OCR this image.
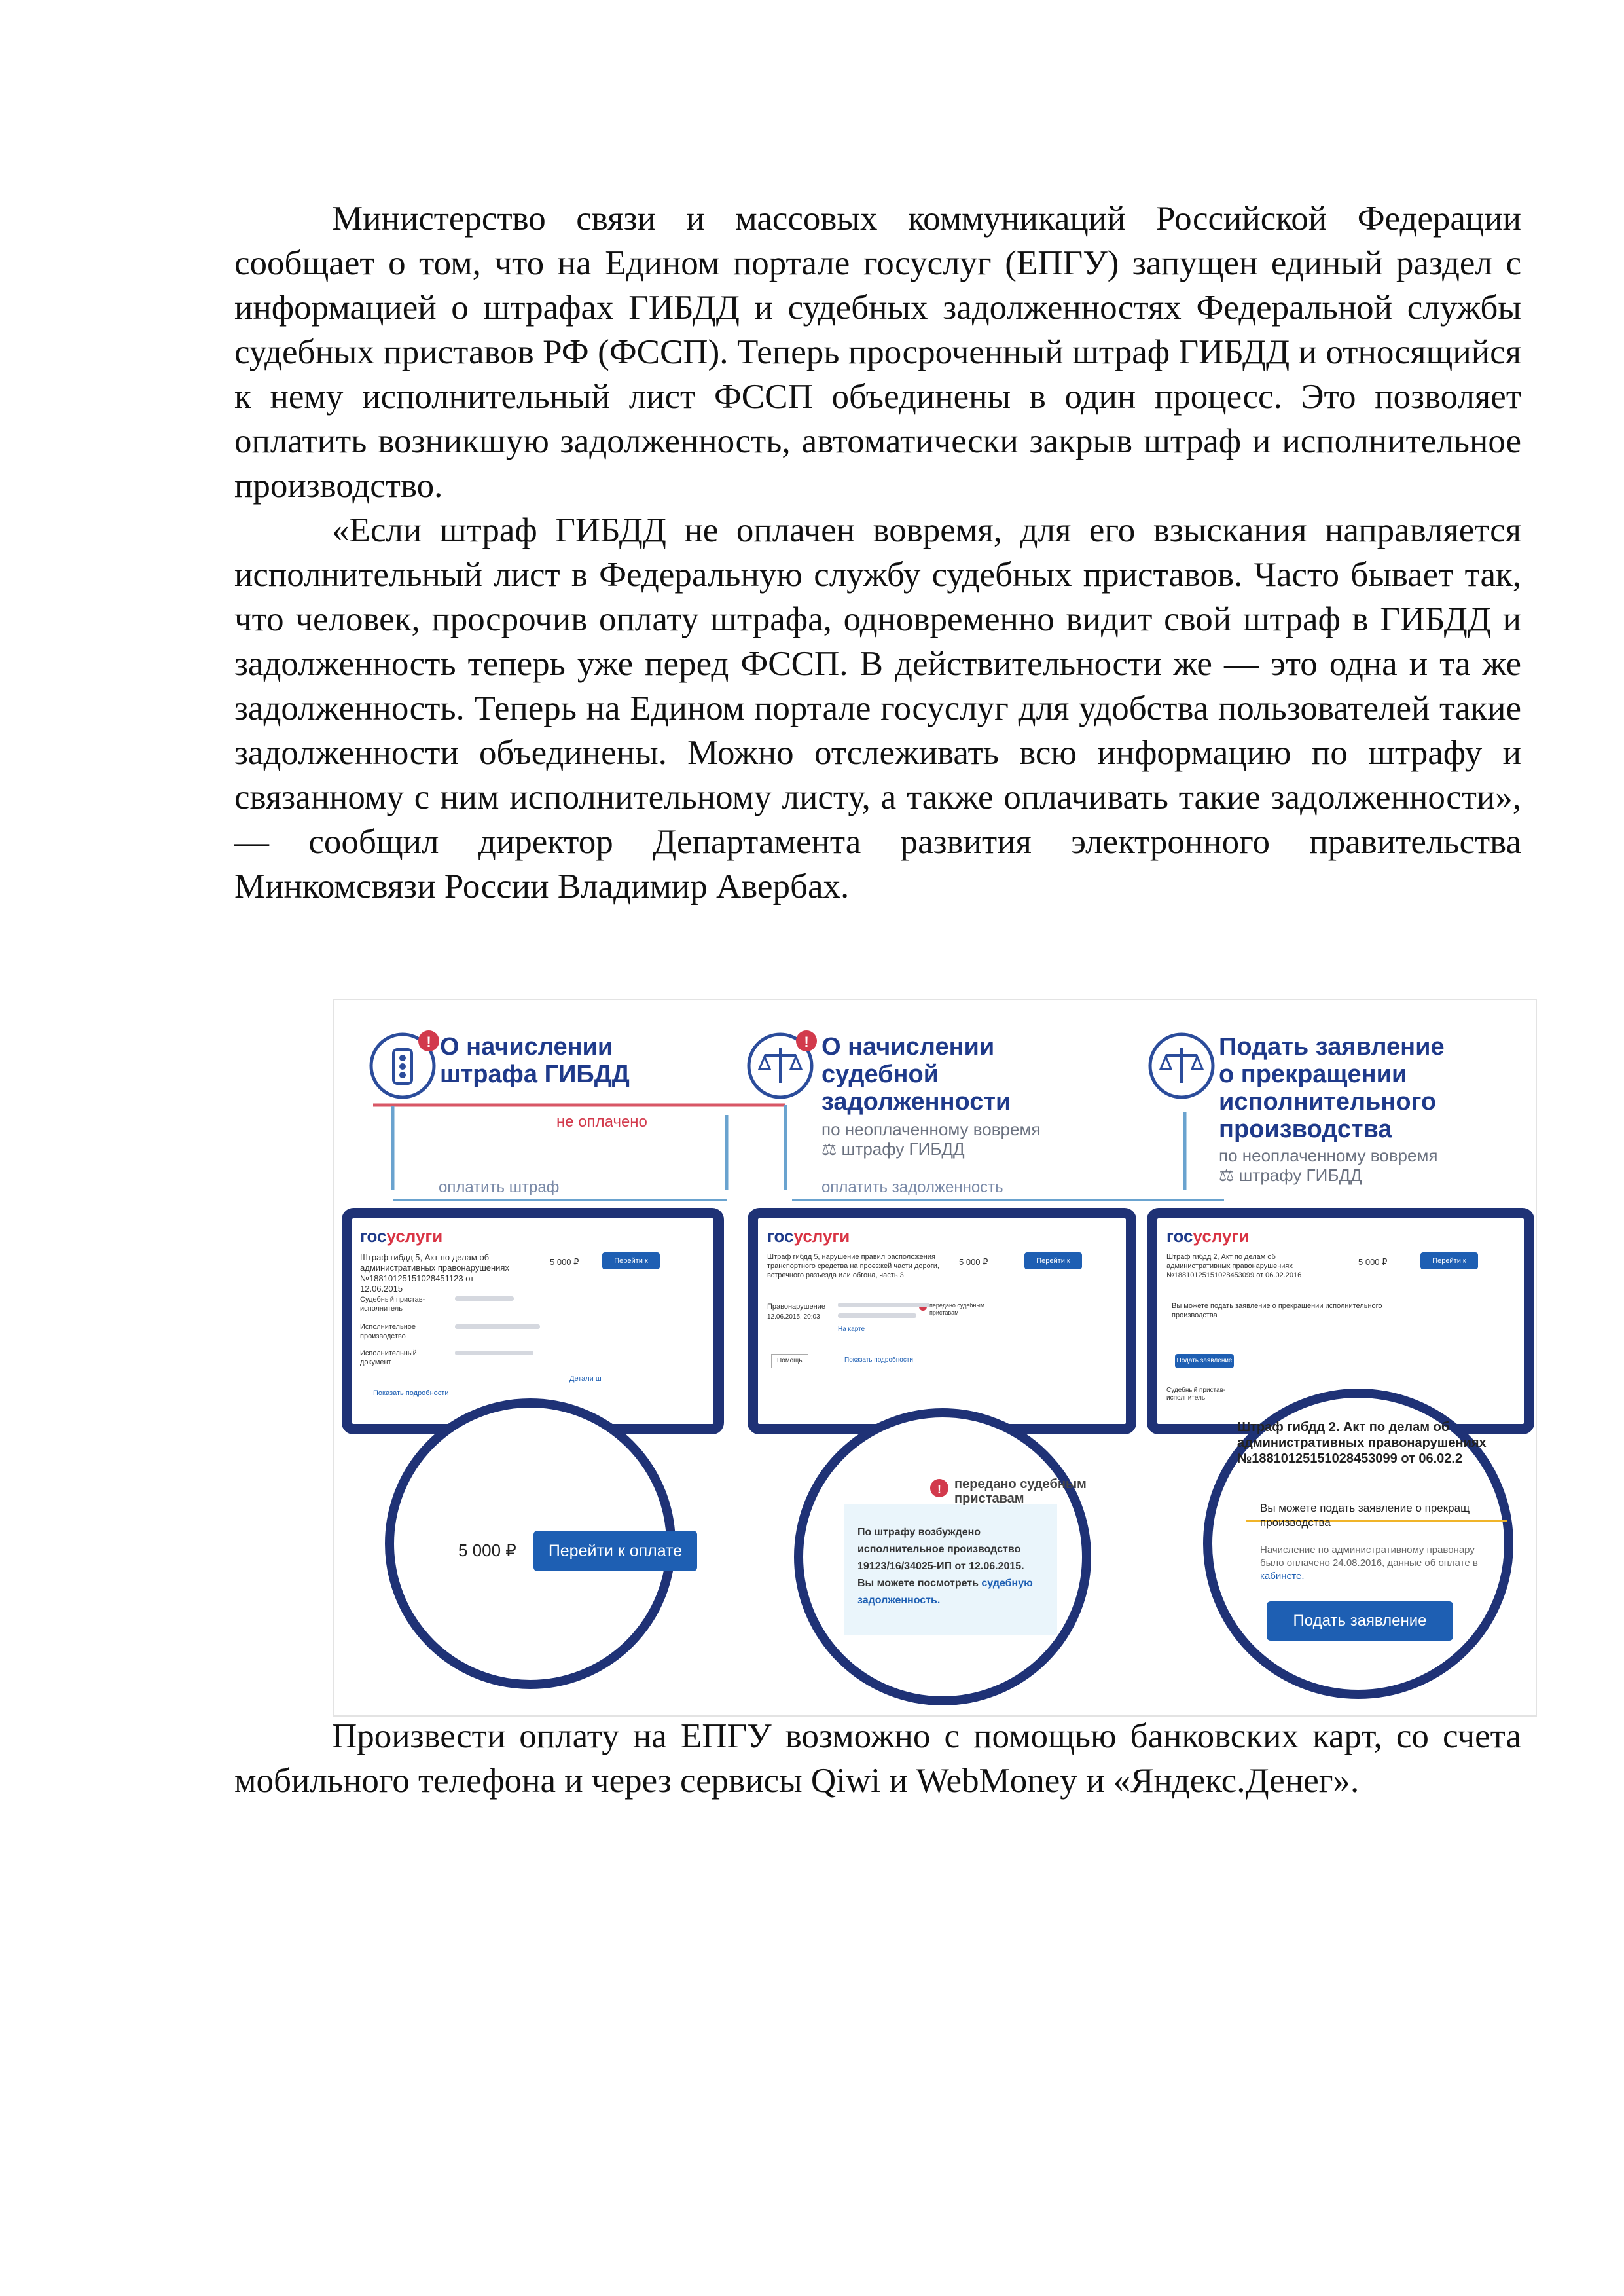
Министерство связи и массовых коммуникаций Российской Федерации сообщает о том, что на Едином портале госуслуг (ЕПГУ) запущен единый раздел с информацией о штрафах ГИБДД и судебных задолженностях Федеральной службы судебных приставов РФ (ФССП). Теперь просроченный штраф ГИБДД и относящийся к нему исполнительный лист ФССП объединены в один процесс. Это позволяет оплатить возникшую задолженность, автоматически закрыв штраф и исполнительное производство.

«Если штраф ГИБДД не оплачен вовремя, для его взыскания направляется исполнительный лист в Федеральную службу судебных приставов. Часто бывает так, что человек, просрочив оплату штрафа, одновременно видит свой штраф в ГИБДД и задолженность теперь уже перед ФССП. В действительности же — это одна и та же задолженность. Теперь на Едином портале госуслуг для удобства пользователей такие задолженности объединены. Можно отслеживать всю информацию по штрафу и связанному с ним исполнительному листу, а также оплачивать такие задолженности», — сообщил директор Департамента развития электронного правительства Минкомсвязи России Владимир Авербах.

!	!
!
О начислении
штрафа ГИБДД
не оплачено
оплатить штраф
О начислении
судебной
задолженности
по неоплаченному вовремя
⚖ штрафу ГИБДД
оплатить задолженность
Подать заявление
о прекращении
исполнительного
производства
по неоплаченному вовремя
⚖ штрафу ГИБДД
госуслуги
Штраф гибдд 5, Акт по делам об административных правонарушениях №18810125151028451123 от 12.06.2015
5 000 ₽	Перейти к оплате
Судебный пристав-исполнитель
Исполнительное производство
Исполнительный документ
Детали ш
Показать подробности
госуслуги
Штраф гибдд 5, нарушение правил расположения транспортного средства на проезжей части дороги, встречного разъезда или обгона, часть 3
5 000 ₽	Перейти к оплате
Правонарушение
12.06.2015, 20:03
На карте
передано судебным приставам
Помощь	Показать подробности
госуслуги
Штраф гибдд 2, Акт по делам об административных правонарушениях №18810125151028453099 от 06.02.2016
5 000 ₽	Перейти к оплате
Вы можете подать заявление о прекращении исполнительного производства
Подать заявление
Судебный пристав-исполнитель
5 000 ₽	Перейти к оплате
передано судебным
приставам
По штрафу возбуждено
исполнительное производство
19123/16/34025-ИП от 12.06.2015.
Вы можете посмотреть судебную
задолженность.
Штраф гибдд 2. Акт по делам об
административных правонарушениях
№18810125151028453099 от 06.02.2
Вы можете подать заявление о прекращ
производства
Начисление по административному правонару
было оплачено 24.08.2016, данные об оплате в
кабинете.
Подать заявление

Произвести оплату на ЕПГУ возможно с помощью банковских карт, со счета мобильного телефона и через сервисы Qiwi и WebMoney и «Яндекс.Денег».
